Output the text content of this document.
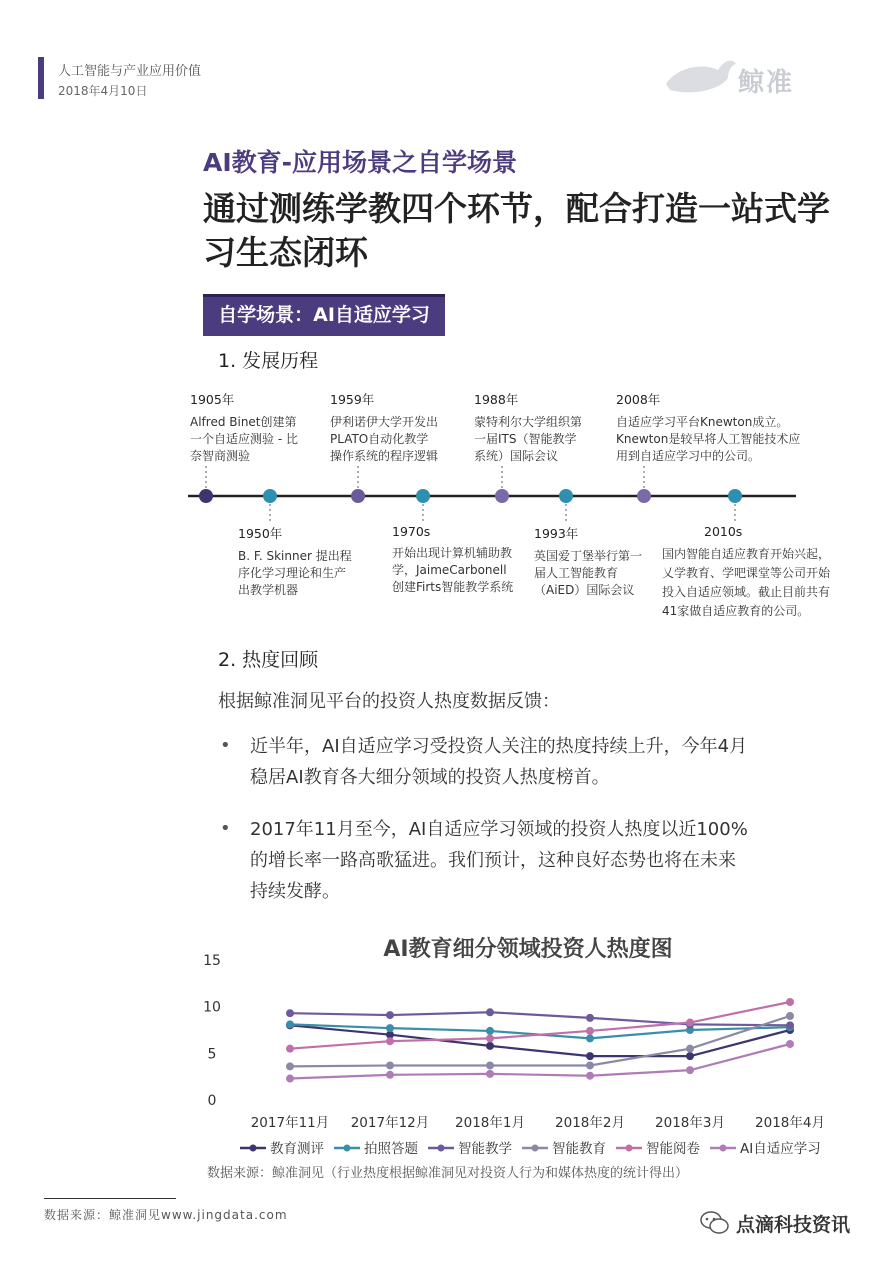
人工智能与产业应用价值
2018年4月10日	鲸准
AI教育-应用场景之自学场景
通过测练学教四个环节，配合打造一站式学习生态闭环
自学场景：AI自适应学习
1. 发展历程
1905年
Alfred Binet创建第
一个自适应测验 - 比
奈智商测验
1959年
伊利诺伊大学开发出
PLATO自动化教学
操作系统的程序逻辑
1988年
蒙特利尔大学组织第
一届ITS（智能教学
系统）国际会议
2008年
自适应学习平台Knewton成立。
Knewton是较早将人工智能技术应
用到自适应学习中的公司。
1950年
B. F. Skinner 提出程
序化学习理论和生产
出教学机器
1970s
开始出现计算机辅助教
学，JaimeCarbonell
创建Firts智能教学系统
1993年
英国爱丁堡举行第一
届人工智能教育
（AiED）国际会议
2010s
国内智能自适应教育开始兴起，
乂学教育、学吧课堂等公司开始
投入自适应领域。截止目前共有
41家做自适应教育的公司。
2. 热度回顾
根据鲸准洞见平台的投资人热度数据反馈：
• 近半年，AI自适应学习受投资人关注的热度持续上升，今年4月
稳居AI教育各大细分领域的投资人热度榜首。
• 2017年11月至今，AI自适应学习领域的投资人热度以近100%
的增长率一路高歌猛进。我们预计，这种良好态势也将在未来
持续发酵。
AI教育细分领域投资人热度图
0
5
10
15
2017年11月 2017年12月 2018年1月 2018年2月 2018年3月 2018年4月
教育测评	拍照答题	智能教学	智能教育	智能阅卷	AI自适应学习
数据来源：鲸准洞见（行业热度根据鲸准洞见对投资人行为和媒体热度的统计得出）
数据来源：鲸准洞见www.jingdata.com	点滴科技资讯
